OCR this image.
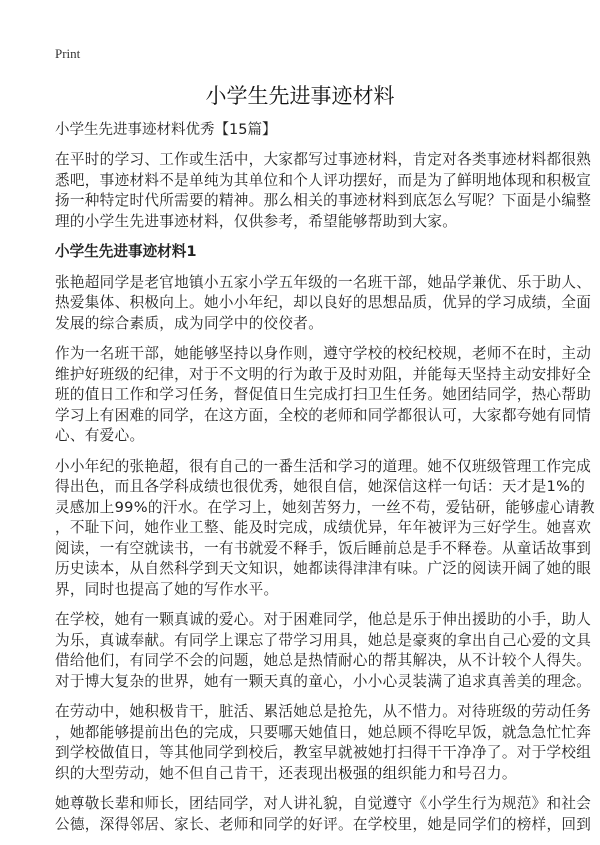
Print
小学生先进事迹材料
小学生先进事迹材料优秀【15篇】
在平时的学习、工作或生活中，大家都写过事迹材料，肯定对各类事迹材料都很熟
悉吧，事迹材料不是单纯为其单位和个人评功摆好，而是为了鲜明地体现和积极宣
扬一种特定时代所需要的精神。那么相关的事迹材料到底怎么写呢？下面是小编整
理的小学生先进事迹材料，仅供参考，希望能够帮助到大家。
小学生先进事迹材料1
张艳超同学是老官地镇小五家小学五年级的一名班干部，她品学兼优、乐于助人、
热爱集体、积极向上。她小小年纪，却以良好的思想品质，优异的学习成绩，全面
发展的综合素质，成为同学中的佼佼者。
作为一名班干部，她能够坚持以身作则，遵守学校的校纪校规，老师不在时，主动
维护好班级的纪律，对于不文明的行为敢于及时劝阻，并能每天坚持主动安排好全
班的值日工作和学习任务，督促值日生完成打扫卫生任务。她团结同学，热心帮助
学习上有困难的同学，在这方面，全校的老师和同学都很认可，大家都夸她有同情
心、有爱心。
小小年纪的张艳超，很有自己的一番生活和学习的道理。她不仅班级管理工作完成
得出色，而且各学科成绩也很优秀，她很自信，她深信这样一句话：天才是1%的
灵感加上99%的汗水。在学习上，她刻苦努力，一丝不苟，爱钻研，能够虚心请教
，不耻下问，她作业工整、能及时完成，成绩优异，年年被评为三好学生。她喜欢
阅读，一有空就读书，一有书就爱不释手，饭后睡前总是手不释卷。从童话故事到
历史读本，从自然科学到天文知识，她都读得津津有味。广泛的阅读开阔了她的眼
界，同时也提高了她的写作水平。
在学校，她有一颗真诚的爱心。对于困难同学，他总是乐于伸出援助的小手，助人
为乐，真诚奉献。有同学上课忘了带学习用具，她总是豪爽的拿出自己心爱的文具
借给他们，有同学不会的问题，她总是热情耐心的帮其解决，从不计较个人得失。
对于博大复杂的世界，她有一颗天真的童心，小小心灵装满了追求真善美的理念。
在劳动中，她积极肯干，脏活、累活她总是抢先，从不惜力。对待班级的劳动任务
，她都能够提前出色的完成，只要哪天她值日，她总顾不得吃早饭，就急急忙忙奔
到学校做值日，等其他同学到校后，教室早就被她打扫得干干净净了。对于学校组
织的大型劳动，她不但自己肯干，还表现出极强的组织能力和号召力。
她尊敬长辈和师长，团结同学，对人讲礼貌，自觉遵守《小学生行为规范》和社会
公德，深得邻居、家长、老师和同学的好评。在学校里，她是同学们的榜样，回到
